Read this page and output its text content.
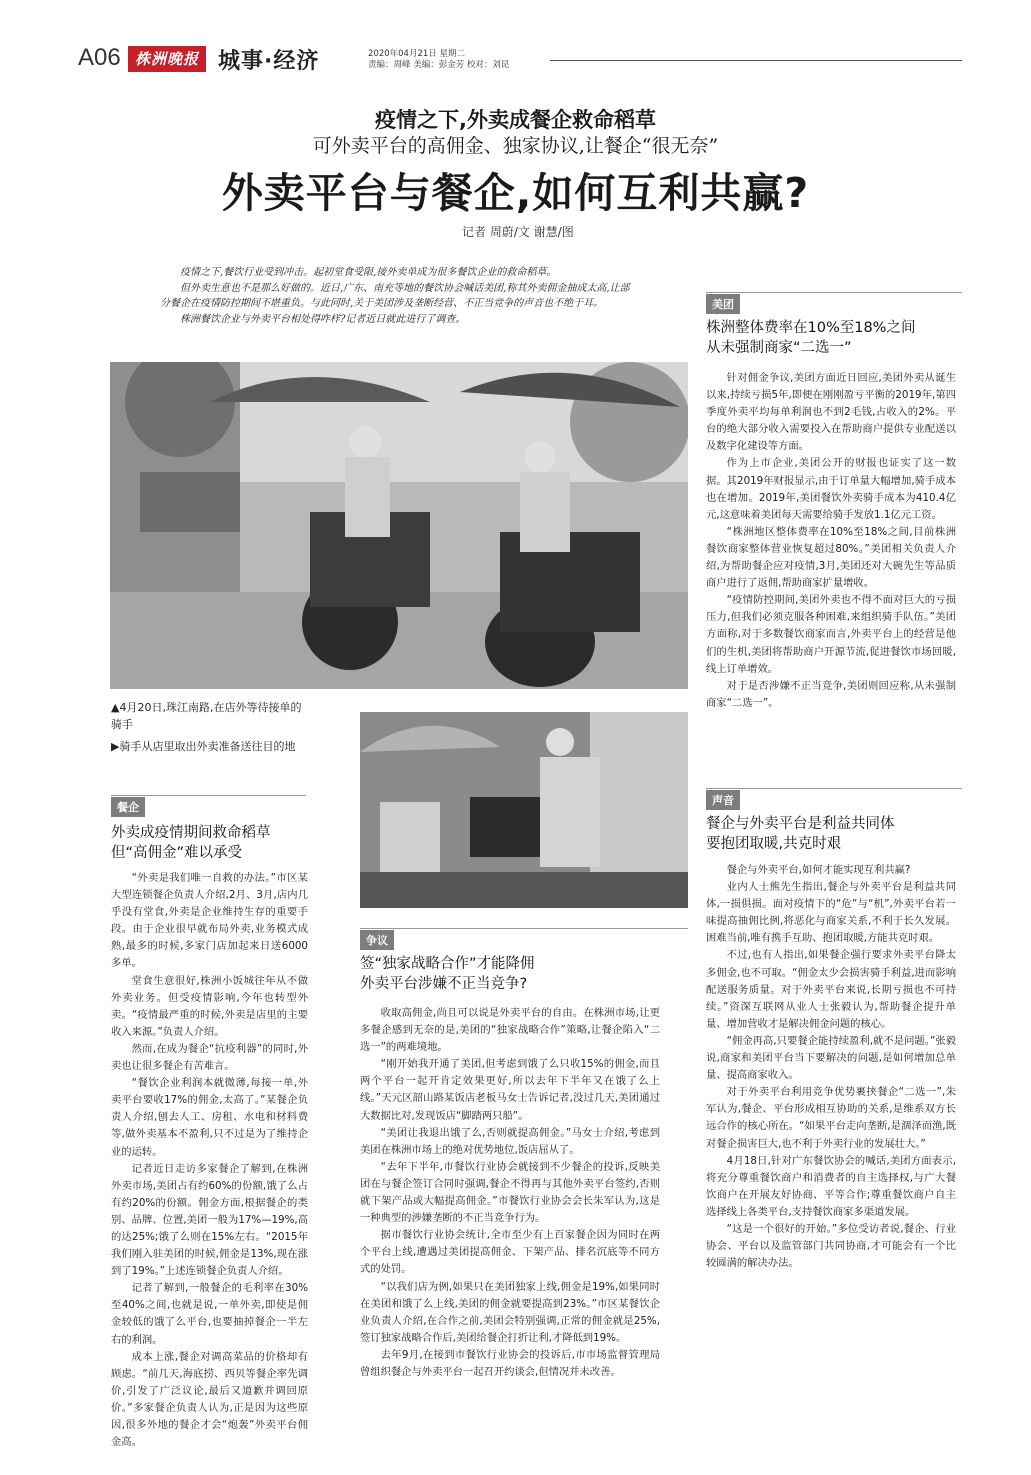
A06 株洲晚报 城事·经济	2020年04月21日 星期二
责编：周峰 美编：彭金芳 校对：刘昆
疫情之下,外卖成餐企救命稻草
可外卖平台的高佣金、独家协议,让餐企“很无奈”
外卖平台与餐企,如何互利共赢?
记者 周蔚/文 谢慧/图

疫情之下,餐饮行业受到冲击。起初堂食受限,接外卖单成为很多餐饮企业的救命稻草。

但外卖生意也不是那么好做的。近日,广东、南充等地的餐饮协会喊话美团,称其外卖佣金抽成太高,让部分餐企在疫情防控期间不堪重负。与此同时,关于美团涉及垄断经营、不正当竞争的声音也不绝于耳。

株洲餐饮企业与外卖平台相处得咋样?记者近日就此进行了调查。

▲4月20日,珠江南路,在店外等待接单的骑手
▶骑手从店里取出外卖准备送往目的地
餐企
外卖成疫情期间救命稻草
但“高佣金”难以承受

“外卖是我们唯一自救的办法。”市区某大型连锁餐企负责人介绍,2月、3月,店内几乎没有堂食,外卖是企业维持生存的重要手段。由于企业很早就布局外卖,业务模式成熟,最多的时候,多家门店加起来日送6000多单。

堂食生意很好,株洲小饭城往年从不做外卖业务。但受疫情影响,今年也转型外卖。“疫情最严重的时候,外卖是店里的主要收入来源。”负责人介绍。

然而,在成为餐企“抗疫利器”的同时,外卖也让很多餐企有苦难言。

“餐饮企业利润本就微薄,每接一单,外卖平台要收17%的佣金,太高了。”某餐企负责人介绍,刨去人工、房租、水电和材料费等,做外卖基本不盈利,只不过是为了维持企业的运转。

记者近日走访多家餐企了解到,在株洲外卖市场,美团占有约60%的份额,饿了么占有约20%的份额。佣金方面,根据餐企的类别、品牌、位置,美团一般为17%—19%,高的达25%;饿了么则在15%左右。“2015年我们刚入驻美团的时候,佣金是13%,现在涨到了19%。”上述连锁餐企负责人介绍。

记者了解到,一般餐企的毛利率在30%至40%之间,也就是说,一单外卖,即使是佣金较低的饿了么平台,也要抽掉餐企一半左右的利润。

成本上涨,餐企对调高菜品的价格却有顾虑。“前几天,海底捞、西贝等餐企率先调价,引发了广泛议论,最后又道歉并调回原价。”多家餐企负责人认为,正是因为这些原因,很多外地的餐企才会“炮轰”外卖平台佣金高。

争议
签“独家战略合作”才能降佣
外卖平台涉嫌不正当竞争?

收取高佣金,尚且可以说是外卖平台的自由。在株洲市场,让更多餐企感到无奈的是,美团的“独家战略合作”策略,让餐企陷入“二选一”的两难境地。

“刚开始我开通了美团,但考虑到饿了么只收15%的佣金,而且两个平台一起开肯定效果更好,所以去年下半年又在饿了么上线。”天元区韶山路某饭店老板马女士告诉记者,没过几天,美团通过大数据比对,发现饭店“脚踏两只船”。

“美团让我退出饿了么,否则就提高佣金。”马女士介绍,考虑到美团在株洲市场上的绝对优势地位,饭店屈从了。

“去年下半年,市餐饮行业协会就接到不少餐企的投诉,反映美团在与餐企签订合同时强调,餐企不得再与其他外卖平台签约,否则就下架产品或大幅提高佣金。”市餐饮行业协会会长朱军认为,这是一种典型的涉嫌垄断的不正当竞争行为。

据市餐饮行业协会统计,全市至少有上百家餐企因为同时在两个平台上线,遭遇过美团提高佣金、下架产品、排名沉底等不同方式的处罚。

“以我们店为例,如果只在美团独家上线,佣金是19%,如果同时在美团和饿了么上线,美团的佣金就要提高到23%。”市区某餐饮企业负责人介绍,在合作之前,美团会特别强调,正常的佣金就是25%,签订独家战略合作后,美团给餐企打折让利,才降低到19%。

去年9月,在接到市餐饮行业协会的投诉后,市市场监督管理局曾组织餐企与外卖平台一起召开约谈会,但情况并未改善。

美团
株洲整体费率在10%至18%之间
从未强制商家“二选一”

针对佣金争议,美团方面近日回应,美团外卖从诞生以来,持续亏损5年,即便在刚刚盈亏平衡的2019年,第四季度外卖平均每单利润也不到2毛钱,占收入的2%。平台的绝大部分收入需要投入在帮助商户提供专业配送以及数字化建设等方面。

作为上市企业,美团公开的财报也证实了这一数据。其2019年财报显示,由于订单量大幅增加,骑手成本也在增加。2019年,美团餐饮外卖骑手成本为410.4亿元,这意味着美团每天需要给骑手发放1.1亿元工资。

“株洲地区整体费率在10%至18%之间,目前株洲餐饮商家整体营业恢复超过80%。”美团相关负责人介绍,为帮助餐企应对疫情,3月,美团还对大碗先生等品质商户进行了返佣,帮助商家扩量增收。

“疫情防控期间,美团外卖也不得不面对巨大的亏损压力,但我们必须克服各种困难,来组织骑手队伍。”美团方面称,对于多数餐饮商家而言,外卖平台上的经营是他们的生机,美团将帮助商户开源节流,促进餐饮市场回暖,线上订单增效。

对于是否涉嫌不正当竞争,美团则回应称,从未强制商家“二选一”。

声音
餐企与外卖平台是利益共同体
要抱团取暖,共克时艰

餐企与外卖平台,如何才能实现互利共赢?

业内人士熊先生指出,餐企与外卖平台是利益共同体,一损俱损。面对疫情下的“危”与“机”,外卖平台若一味提高抽佣比例,将恶化与商家关系,不利于长久发展。困难当前,唯有携手互助、抱团取暖,方能共克时艰。

不过,也有人指出,如果餐企强行要求外卖平台降太多佣金,也不可取。“佣金太少会损害骑手利益,进而影响配送服务质量。对于外卖平台来说,长期亏损也不可持续。”资深互联网从业人士张毅认为,帮助餐企提升单量、增加营收才是解决佣金问题的核心。

“佣金再高,只要餐企能持续盈利,就不是问题。”张毅说,商家和美团平台当下要解决的问题,是如何增加总单量、提高商家收入。

对于外卖平台利用竞争优势裹挟餐企“二选一”,朱军认为,餐企、平台形成相互协助的关系,是维系双方长远合作的核心所在。“如果平台走向垄断,是涸泽而渔,既对餐企损害巨大,也不利于外卖行业的发展壮大。”

4月18日,针对广东餐饮协会的喊话,美团方面表示,将充分尊重餐饮商户和消费者的自主选择权,与广大餐饮商户在开展友好协商、平等合作;尊重餐饮商户自主选择线上各类平台,支持餐饮商家多渠道发展。

“这是一个很好的开始。”多位受访者说,餐企、行业协会、平台以及监管部门共同协商,才可能会有一个比较圆满的解决办法。
